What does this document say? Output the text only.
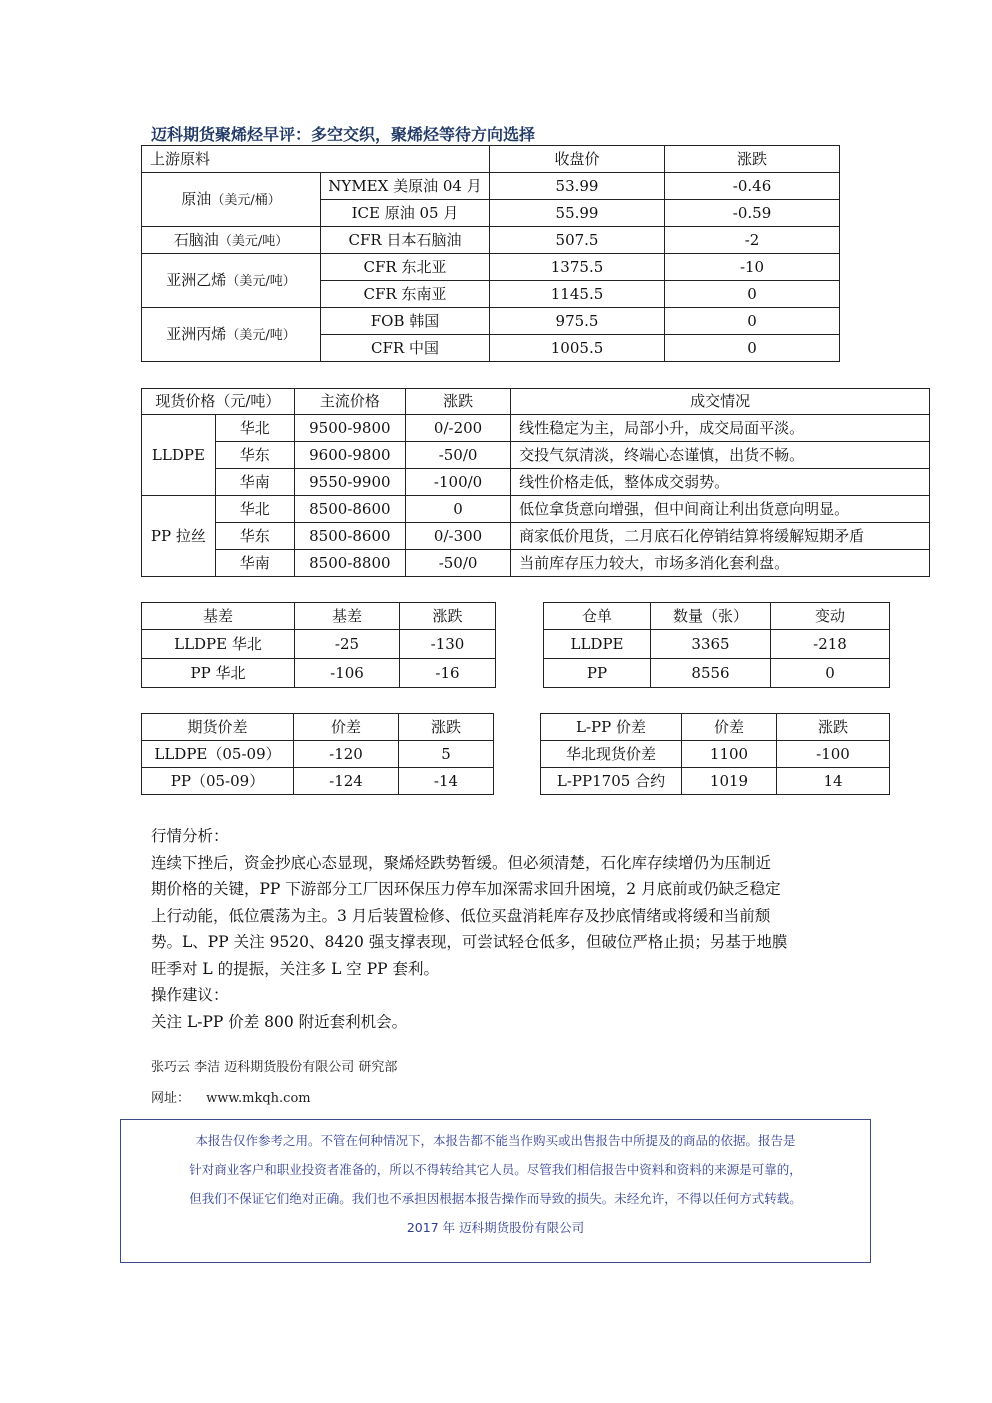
迈科期货聚烯烃早评：多空交织，聚烯烃等待方向选择
上游原料		收盘价	涨跌
原油（美元/桶）	NYMEX 美原油 04 月	53.99	-0.46
	ICE 原油 05 月	55.99	-0.59
石脑油（美元/吨）	CFR 日本石脑油	507.5	-2
亚洲乙烯（美元/吨）	CFR 东北亚	1375.5	-10
	CFR 东南亚	1145.5	0
亚洲丙烯（美元/吨）	FOB 韩国	975.5	0
	CFR 中国	1005.5	0
现货价格（元/吨）		主流价格	涨跌	成交情况
LLDPE	华北	9500-9800	0/-200	线性稳定为主，局部小升，成交局面平淡。
	华东	9600-9800	-50/0	交投气氛清淡，终端心态谨慎，出货不畅。
	华南	9550-9900	-100/0	线性价格走低，整体成交弱势。
PP 拉丝	华北	8500-8600	0	低位拿货意向增强，但中间商让利出货意向明显。
	华东	8500-8600	0/-300	商家低价甩货，二月底石化停销结算将缓解短期矛盾
	华南	8500-8800	-50/0	当前库存压力较大，市场多消化套利盘。
基差	基差	涨跌
LLDPE 华北	-25	-130
PP 华北	-106	-16
仓单	数量（张）	变动
LLDPE	3365	-218
PP	8556	0
期货价差	价差	涨跌
LLDPE（05-09）	-120	5
PP（05-09）	-124	-14
L-PP 价差	价差	涨跌
华北现货价差	1100	-100
L-PP1705 合约	1019	14

行情分析：

连续下挫后，资金抄底心态显现，聚烯烃跌势暂缓。但必须清楚，石化库存续增仍为压制近

期价格的关键，PP 下游部分工厂因环保压力停车加深需求回升困境，2 月底前或仍缺乏稳定

上行动能，低位震荡为主。3 月后装置检修、低位买盘消耗库存及抄底情绪或将缓和当前颓

势。L、PP 关注 9520、8420 强支撑表现，可尝试轻仓低多，但破位严格止损；另基于地膜

旺季对 L 的提振，关注多 L 空 PP 套利。

操作建议：

关注 L-PP 价差 800 附近套利机会。

张巧云 李洁 迈科期货股份有限公司 研究部
网址： www.mkqh.com

本报告仅作参考之用。不管在何种情况下，本报告都不能当作购买或出售报告中所提及的商品的依据。报告是

针对商业客户和职业投资者准备的，所以不得转给其它人员。尽管我们相信报告中资料和资料的来源是可靠的，

但我们不保证它们绝对正确。我们也不承担因根据本报告操作而导致的损失。未经允许，不得以任何方式转载。

2017 年 迈科期货股份有限公司
